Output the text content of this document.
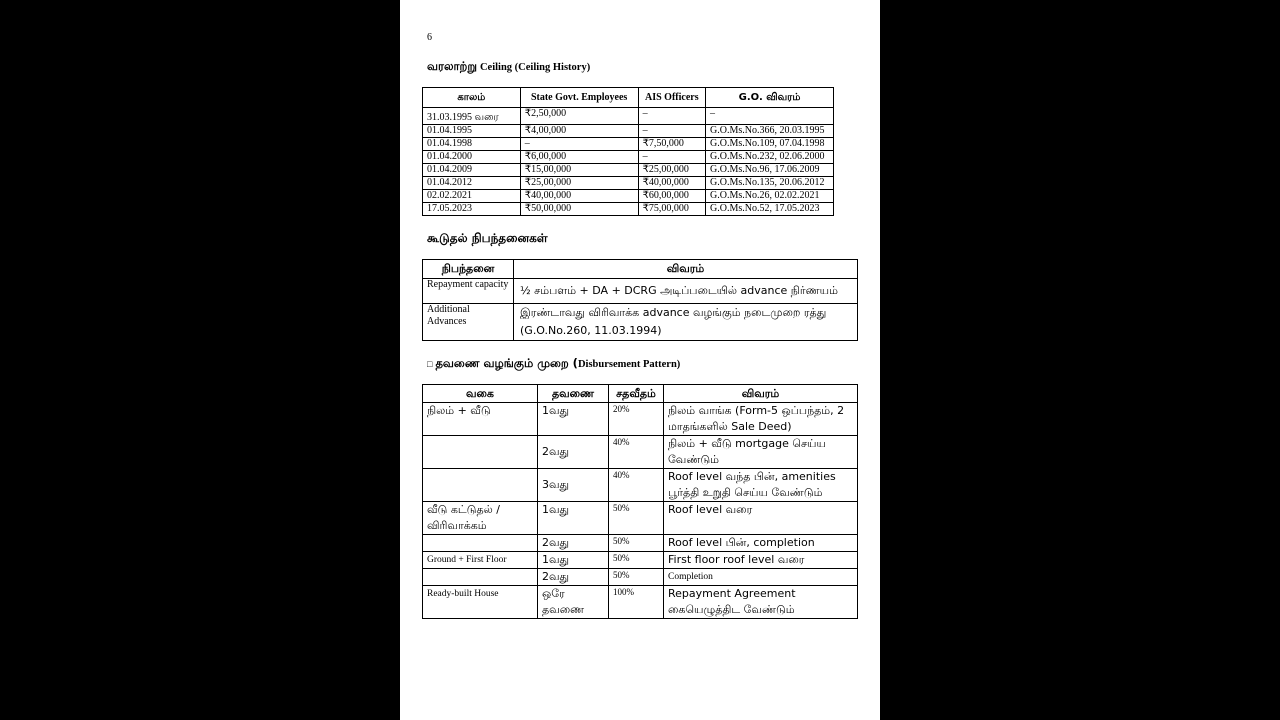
6
வரலாற்று Ceiling (Ceiling History)
காலம்	State Govt. Employees	AIS Officers	G.O. விவரம்
31.03.1995 வரை	₹2,50,000	–	–
01.04.1995	₹4,00,000	–	G.O.Ms.No.366, 20.03.1995
01.04.1998	–	₹7,50,000	G.O.Ms.No.109, 07.04.1998
01.04.2000	₹6,00,000	–	G.O.Ms.No.232, 02.06.2000
01.04.2009	₹15,00,000	₹25,00,000	G.O.Ms.No.96, 17.06.2009
01.04.2012	₹25,00,000	₹40,00,000	G.O.Ms.No.135, 20.06.2012
02.02.2021	₹40,00,000	₹60,00,000	G.O.Ms.No.26, 02.02.2021
17.05.2023	₹50,00,000	₹75,00,000	G.O.Ms.No.52, 17.05.2023
கூடுதல் நிபந்தனைகள்
நிபந்தனை	விவரம்
Repayment capacity	½ சம்பளம் + DA + DCRG அடிப்படையில் advance நிர்ணயம்
Additional Advances	இரண்டாவது விரிவாக்க advance வழங்கும் நடைமுறை ரத்து (G.O.No.260, 11.03.1994)
□ தவணை வழங்கும் முறை (Disbursement Pattern)
வகை	தவணை	சதவீதம்	விவரம்
நிலம் + வீடு	1வது	20%	நிலம் வாங்க (Form-5 ஒப்பந்தம், 2 மாதங்களில் Sale Deed)
	2வது	40%	நிலம் + வீடு mortgage செய்ய வேண்டும்
	3வது	40%	Roof level வந்த பின், amenities பூர்த்தி உறுதி செய்ய வேண்டும்
வீடு கட்டுதல் / விரிவாக்கம்	1வது	50%	Roof level வரை
	2வது	50%	Roof level பின், completion
Ground + First Floor	1வது	50%	First floor roof level வரை
	2வது	50%	Completion
Ready-built House	ஒரே தவணை	100%	Repayment Agreement கையெழுத்திட வேண்டும்
